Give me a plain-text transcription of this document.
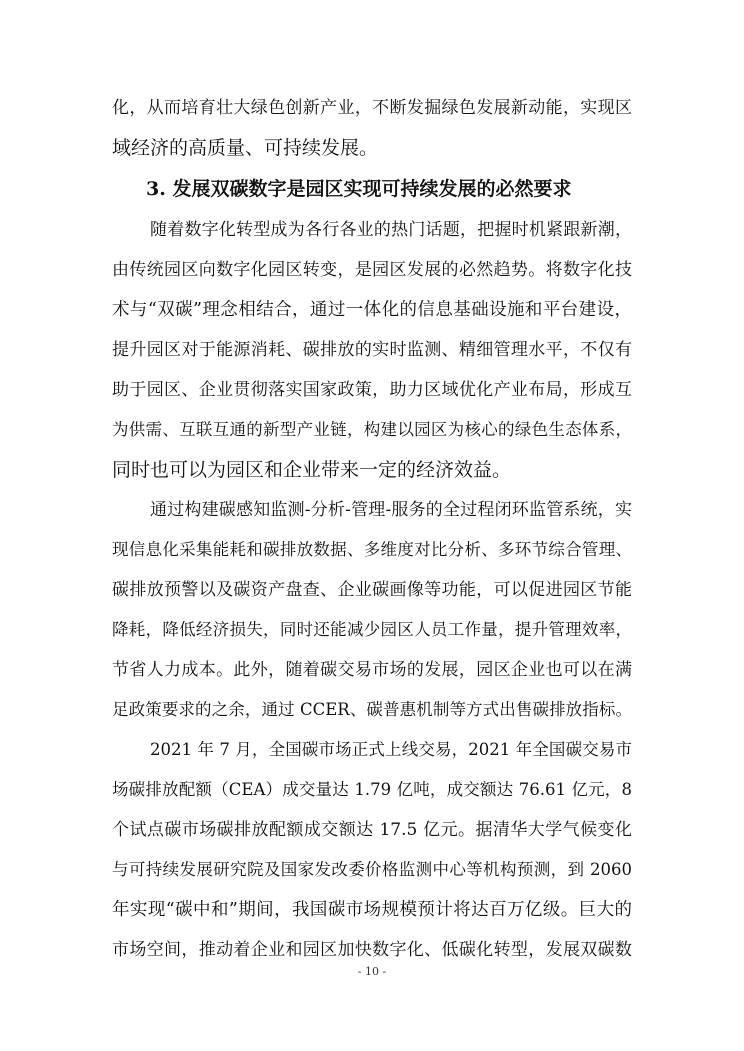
化，从而培育壮大绿色创新产业，不断发掘绿色发展新动能，实现区
域经济的高质量、可持续发展。
3. 发展双碳数字是园区实现可持续发展的必然要求
随着数字化转型成为各行各业的热门话题，把握时机紧跟新潮，
由传统园区向数字化园区转变，是园区发展的必然趋势。将数字化技
术与“双碳”理念相结合，通过一体化的信息基础设施和平台建设，
提升园区对于能源消耗、碳排放的实时监测、精细管理水平，不仅有
助于园区、企业贯彻落实国家政策，助力区域优化产业布局，形成互
为供需、互联互通的新型产业链，构建以园区为核心的绿色生态体系，
同时也可以为园区和企业带来一定的经济效益。
通过构建碳感知监测-分析-管理-服务的全过程闭环监管系统，实
现信息化采集能耗和碳排放数据、多维度对比分析、多环节综合管理、
碳排放预警以及碳资产盘查、企业碳画像等功能，可以促进园区节能
降耗，降低经济损失，同时还能减少园区人员工作量，提升管理效率，
节省人力成本。此外，随着碳交易市场的发展，园区企业也可以在满
足政策要求的之余，通过 CCER、碳普惠机制等方式出售碳排放指标。
2021 年 7 月，全国碳市场正式上线交易，2021 年全国碳交易市
场碳排放配额（CEA）成交量达 1.79 亿吨，成交额达 76.61 亿元，8
个试点碳市场碳排放配额成交额达 17.5 亿元。据清华大学气候变化
与可持续发展研究院及国家发改委价格监测中心等机构预测，到 2060
年实现“碳中和”期间，我国碳市场规模预计将达百万亿级。巨大的
市场空间，推动着企业和园区加快数字化、低碳化转型，发展双碳数
- 10 -
